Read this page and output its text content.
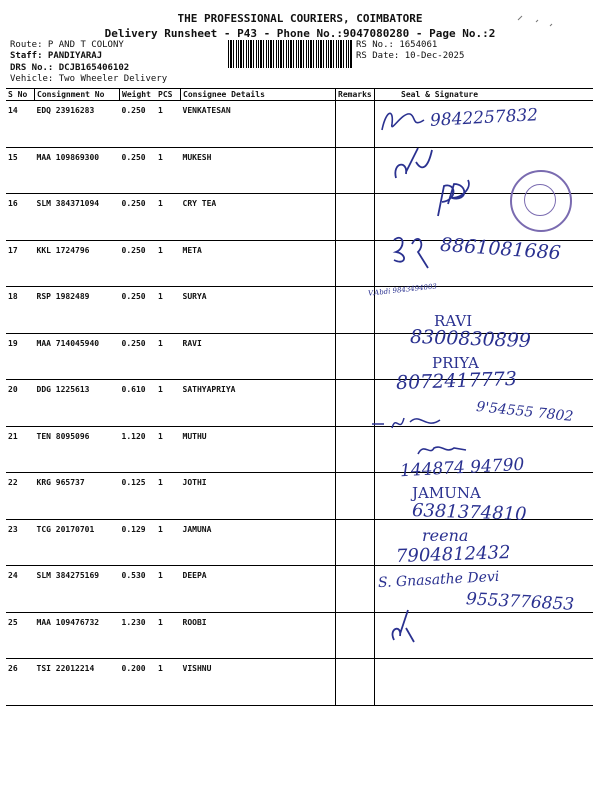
THE PROFESSIONAL COURIERS, COIMBATORE
Delivery Runsheet - P43 - Phone No.:9047080280 - Page No.:2
Route: P AND T COLONY
Staff: PANDIYARAJ
DRS No.: DCJB165406102
Vehicle: Two Wheeler Delivery
RS No.: 1654061
RS Date: 10-Dec-2025
S No	Consignment No	Weight	PCS	Consignee Details	Remarks	Seal & Signature
14	EDQ 23916283	0.250	1	VENKATESAN		
15	MAA 109869300	0.250	1	MUKESH		
16	SLM 384371094	0.250	1	CRY TEA		
17	KKL 1724796	0.250	1	META		
18	RSP 1982489	0.250	1	SURYA		
19	MAA 714045940	0.250	1	RAVI		
20	DDG 1225613	0.610	1	SATHYAPRIYA		
21	TEN 8095096	1.120	1	MUTHU		
22	KRG 965737	0.125	1	JOTHI		
23	TCG 20170701	0.129	1	JAMUNA		
24	SLM 384275169	0.530	1	DEEPA		
25	MAA 109476732	1.230	1	ROOBI		
26	TSI 22012214	0.200	1	VISHNU		
9842257832
8861081686
V.Abdi 9843494003
RAVI
8300830899
PRIYA
8072417773
9'54555 7802
144874 94790
JAMUNA
6381374810
reena
7904812432
S. Gnasathe Devi
9553776853
